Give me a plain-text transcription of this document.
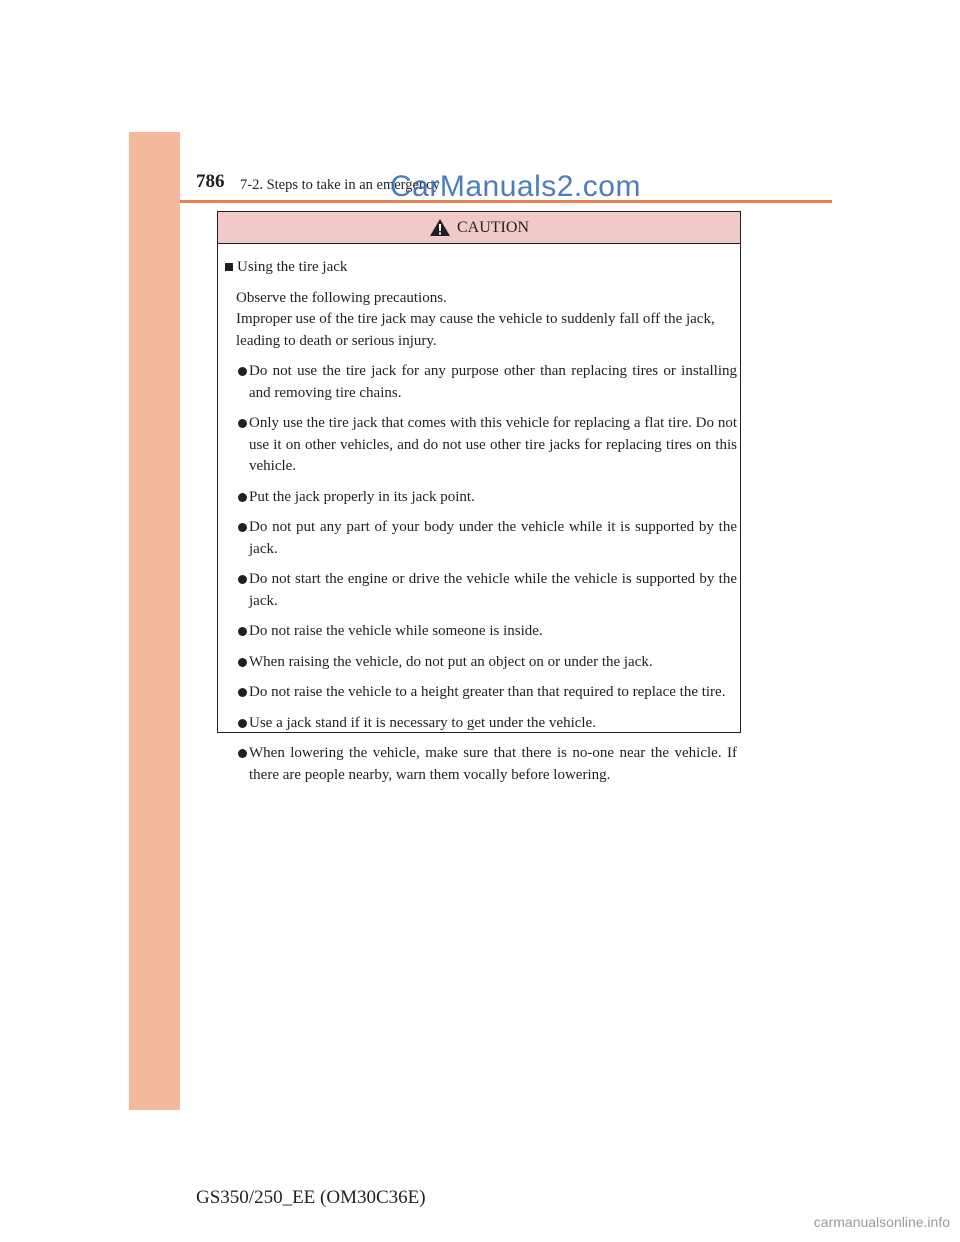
786 7-2. Steps to take in an emergency
CarManuals2.com
CAUTION
Using the tire jack

Observe the following precautions.

Improper use of the tire jack may cause the vehicle to suddenly fall off the jack, leading to death or serious injury.

Do not use the tire jack for any purpose other than replacing tires or installing and removing tire chains.
Only use the tire jack that comes with this vehicle for replacing a flat tire. Do not use it on other vehicles, and do not use other tire jacks for replacing tires on this vehicle.
Put the jack properly in its jack point.
Do not put any part of your body under the vehicle while it is supported by the jack.
Do not start the engine or drive the vehicle while the vehicle is supported by the jack.
Do not raise the vehicle while someone is inside.
When raising the vehicle, do not put an object on or under the jack.
Do not raise the vehicle to a height greater than that required to replace the tire.
Use a jack stand if it is necessary to get under the vehicle.
When lowering the vehicle, make sure that there is no-one near the vehicle. If there are people nearby, warn them vocally before lowering.
GS350/250_EE (OM30C36E)
carmanualsonline.info
